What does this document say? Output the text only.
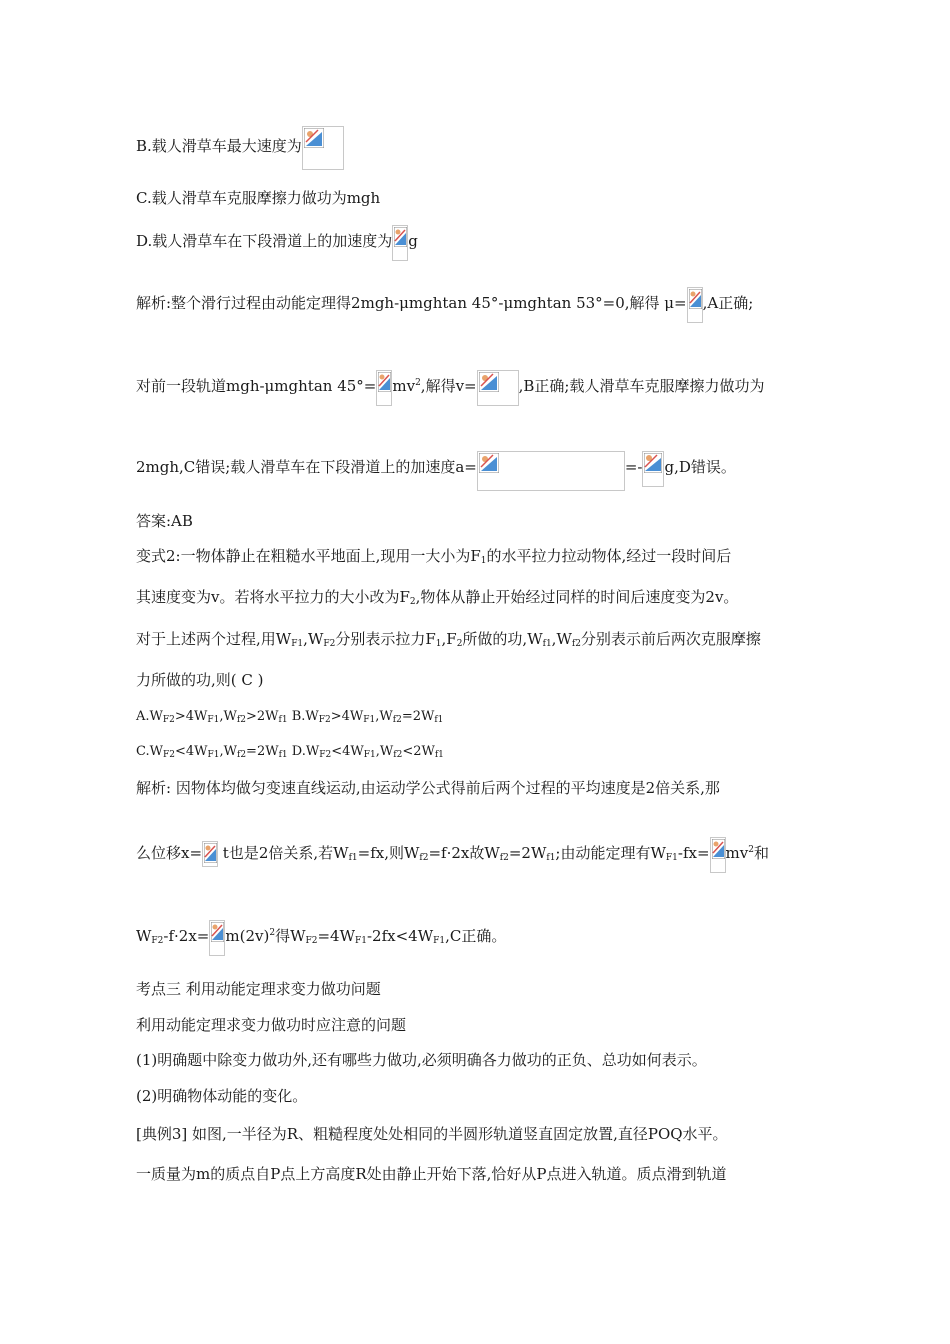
B.载人滑草车最大速度为
C.载人滑草车克服摩擦力做功为mgh
D.载人滑草车在下段滑道上的加速度为 g
解析:整个滑行过程由动能定理得2mgh-μmghtan 45°-μmghtan 53°=0,解得 μ= ,A正确;
对前一段轨道mgh-μmghtan $45^\circ= mv^2$,解得v=	,B正确;载人滑草车克服摩擦力做功为
2mgh,C错误;载人滑草车在下段滑道上的加速度a=	=- g,D错误。
答案:AB
变式2:一物体静止在粗糙水平地面上,现用一大小为$F_1$的水平拉力拉动物体,经过一段时间后
其速度变为v。若将水平拉力的大小改为$F_2$,物体从静止开始经过同样的时间后速度变为2v。
对于上述两个过程,用$W_{F1},W_{F2}$分别表示拉力$F_1,F_2$所做的功$,W_{f1},W_{f2}$分别表示前后两次克服摩擦
力所做的功,则( C )
$A.W_{F2}>4W_{F1},W_{f2}>2W_{f1}$ $B.W_{F2}>4W_{F1},W_{f2}=2W_{f1}$
$C.W_{F2}<4W_{F1},W_{f2}=2W_{f1}$ $D.W_{F2}<4W_{F1},W_{f2}<2W_{f1}$
解析: 因物体均做匀变速直线运动,由运动学公式得前后两个过程的平均速度是2倍关系,那
么位移x=
t也是2倍关系,若$W_{f1}=fx$,则$W_{f2}=f\cdot 2x$故$W_{f2}=2W_{f1}$;由动能定理有$W_{F1}-fx= mv^2$和
$W_{F2}-f\cdot 2x= m(2v)^2$得$W_{F2}=4W_{F1}-2fx<4W_{F1},C$正确。
考点三 利用动能定理求变力做功问题
利用动能定理求变力做功时应注意的问题
(1)明确题中除变力做功外,还有哪些力做功,必须明确各力做功的正负、总功如何表示。
(2)明确物体动能的变化。
[典例3] 如图,一半径为R、粗糙程度处处相同的半圆形轨道竖直固定放置,直径POQ水平。
一质量为m的质点自P点上方高度R处由静止开始下落,恰好从P点进入轨道。质点滑到轨道
